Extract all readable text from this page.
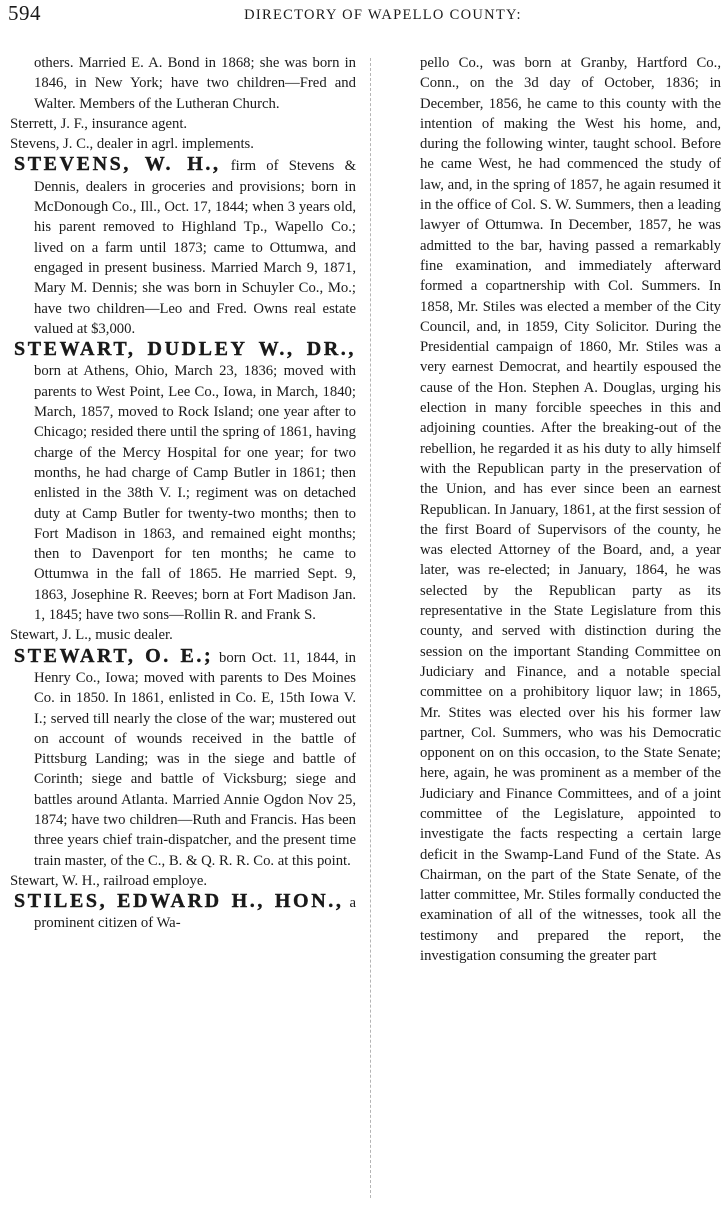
594	DIRECTORY OF WAPELLO COUNTY:

others. Married E. A. Bond in 1868; she was born in 1846, in New York; have two children—Fred and Walter. Members of the Lutheran Church.

Sterrett, J. F., insurance agent.

Stevens, J. C., dealer in agrl. implements.

STEVENS, W. H., firm of Stevens & Dennis, dealers in groceries and provisions; born in McDonough Co., Ill., Oct. 17, 1844; when 3 years old, his parent removed to Highland Tp., Wapello Co.; lived on a farm until 1873; came to Ottumwa, and engaged in present business. Married March 9, 1871, Mary M. Dennis; she was born in Schuyler Co., Mo.; have two children—Leo and Fred. Owns real estate valued at $3,000.

STEWART, DUDLEY W., DR., born at Athens, Ohio, March 23, 1836; moved with parents to West Point, Lee Co., Iowa, in March, 1840; March, 1857, moved to Rock Island; one year after to Chicago; resided there until the spring of 1861, having charge of the Mercy Hospital for one year; for two months, he had charge of Camp Butler in 1861; then enlisted in the 38th V. I.; regiment was on detached duty at Camp Butler for twenty-two months; then to Fort Madison in 1863, and remained eight months; then to Davenport for ten months; he came to Ottumwa in the fall of 1865. He married Sept. 9, 1863, Josephine R. Reeves; born at Fort Madison Jan. 1, 1845; have two sons—Rollin R. and Frank S.

Stewart, J. L., music dealer.

STEWART, O. E.; born Oct. 11, 1844, in Henry Co., Iowa; moved with parents to Des Moines Co. in 1850. In 1861, enlisted in Co. E, 15th Iowa V. I.; served till nearly the close of the war; mustered out on account of wounds received in the battle of Pittsburg Landing; was in the siege and battle of Corinth; siege and battle of Vicksburg; siege and battles around Atlanta. Married Annie Ogdon Nov 25, 1874; have two children—Ruth and Francis. Has been three years chief train-dispatcher, and the present time train master, of the C., B. & Q. R. R. Co. at this point.

Stewart, W. H., railroad employe.

STILES, EDWARD H., HON., a prominent citizen of Wa-

pello Co., was born at Granby, Hartford Co., Conn., on the 3d day of October, 1836; in December, 1856, he came to this county with the intention of making the West his home, and, during the following winter, taught school. Before he came West, he had commenced the study of law, and, in the spring of 1857, he again resumed it in the office of Col. S. W. Summers, then a leading lawyer of Ottumwa. In December, 1857, he was admitted to the bar, having passed a remarkably fine examination, and immediately afterward formed a copartnership with Col. Summers. In 1858, Mr. Stiles was elected a member of the City Council, and, in 1859, City Solicitor. During the Presidential campaign of 1860, Mr. Stiles was a very earnest Democrat, and heartily espoused the cause of the Hon. Stephen A. Douglas, urging his election in many forcible speeches in this and adjoining counties. After the breaking-out of the rebellion, he regarded it as his duty to ally himself with the Republican party in the preservation of the Union, and has ever since been an earnest Republican. In January, 1861, at the first session of the first Board of Supervisors of the county, he was elected Attorney of the Board, and, a year later, was re-elected; in January, 1864, he was selected by the Republican party as its representative in the State Legislature from this county, and served with distinction during the session on the important Standing Committee on Judiciary and Finance, and a notable special committee on a prohibitory liquor law; in 1865, Mr. Stites was elected over his his former law partner, Col. Summers, who was his Democratic opponent on on this occasion, to the State Senate; here, again, he was prominent as a member of the Judiciary and Finance Committees, and of a joint committee of the Legislature, appointed to investigate the facts respecting a certain large deficit in the Swamp-Land Fund of the State. As Chairman, on the part of the State Senate, of the latter committee, Mr. Stiles formally conducted the examination of all of the witnesses, took all the testimony and prepared the report, the investigation consuming the greater part
